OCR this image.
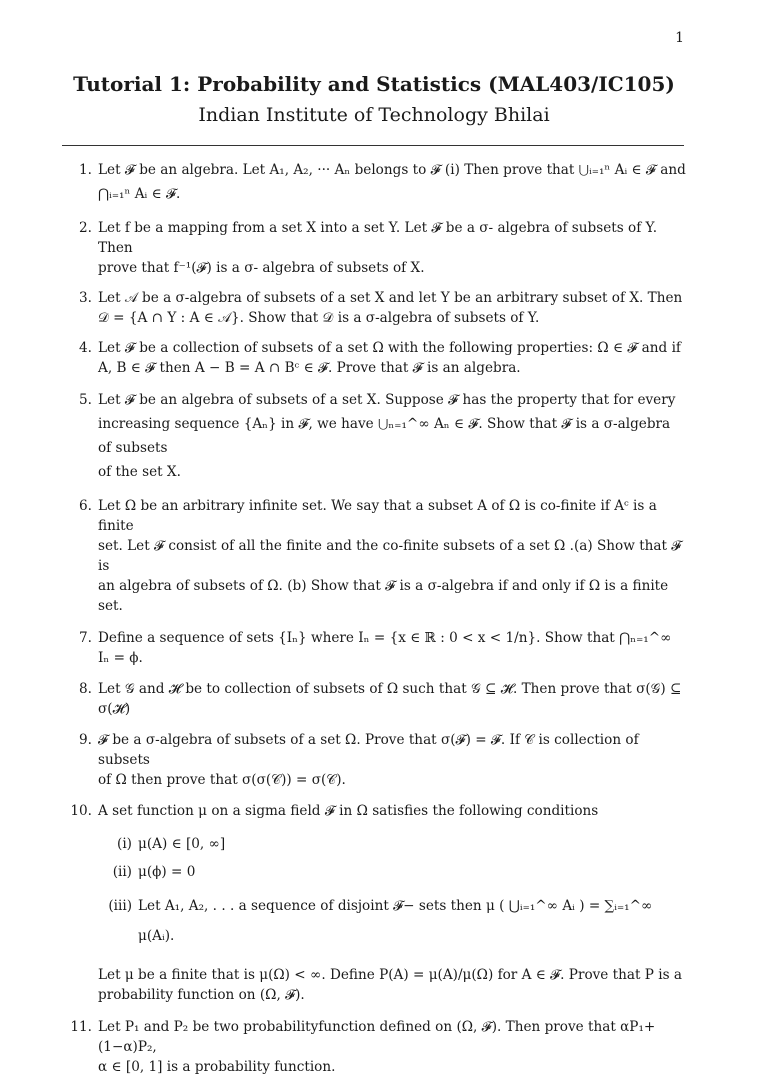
1
Tutorial 1: Probability and Statistics (MAL403/IC105)
Indian Institute of Technology Bhilai
1. Let 𝓕 be an algebra. Let A₁, A₂, ··· Aₙ belongs to 𝓕 (i) Then prove that ⋃ᵢ₌₁ⁿ Aᵢ ∈ 𝓕 and
⋂ᵢ₌₁ⁿ Aᵢ ∈ 𝓕.
2. Let f be a mapping from a set X into a set Y. Let 𝓕 be a σ- algebra of subsets of Y. Then
prove that f⁻¹(𝓕) is a σ- algebra of subsets of X.
3. Let 𝒜 be a σ-algebra of subsets of a set X and let Y be an arbitrary subset of X. Then
𝒟 = {A ∩ Y : A ∈ 𝒜}. Show that 𝒟 is a σ-algebra of subsets of Y.
4. Let 𝓕 be a collection of subsets of a set Ω with the following properties: Ω ∈ 𝓕 and if
A, B ∈ 𝓕 then A − B = A ∩ Bᶜ ∈ 𝓕. Prove that 𝓕 is an algebra.
5. Let 𝓕 be an algebra of subsets of a set X. Suppose 𝓕 has the property that for every
increasing sequence {Aₙ} in 𝓕, we have ⋃ₙ₌₁^∞ Aₙ ∈ 𝓕. Show that 𝓕 is a σ-algebra of subsets
of the set X.
6. Let Ω be an arbitrary infinite set. We say that a subset A of Ω is co-finite if Aᶜ is a finite
set. Let 𝓕 consist of all the finite and the co-finite subsets of a set Ω .(a) Show that 𝓕 is
an algebra of subsets of Ω. (b) Show that 𝓕 is a σ-algebra if and only if Ω is a finite set.
7. Define a sequence of sets {Iₙ} where Iₙ = {x ∈ ℝ : 0 < x < 1/n}. Show that ⋂ₙ₌₁^∞ Iₙ = ϕ.
8. Let 𝒢 and 𝓗 be to collection of subsets of Ω such that 𝒢 ⊆ 𝓗. Then prove that σ(𝒢) ⊆
σ(𝓗)
9. 𝓕 be a σ-algebra of subsets of a set Ω. Prove that σ(𝓕) = 𝓕. If 𝒞 is collection of subsets
of Ω then prove that σ(σ(𝒞)) = σ(𝒞).
10. A set function μ on a sigma field 𝓕 in Ω satisfies the following conditions
(i) μ(A) ∈ [0, ∞]
(ii) μ(ϕ) = 0
(iii) Let A₁, A₂, . . . a sequence of disjoint 𝓕− sets then μ ( ⋃ᵢ₌₁^∞ Aᵢ ) = ∑ᵢ₌₁^∞ μ(Aᵢ).
Let μ be a finite that is μ(Ω) < ∞. Define P(A) = μ(A)/μ(Ω) for A ∈ 𝓕. Prove that P is a
probability function on (Ω, 𝓕).
11. Let P₁ and P₂ be two probabilityfunction defined on (Ω, 𝓕). Then prove that αP₁+(1−α)P₂,
α ∈ [0, 1] is a probability function.
